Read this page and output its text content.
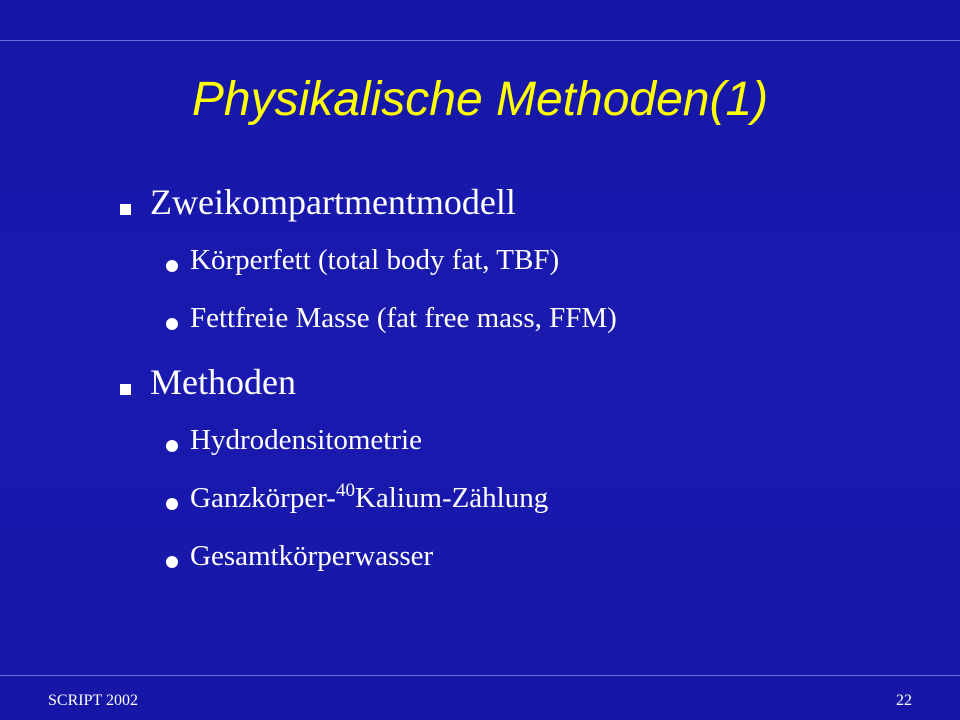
Physikalische Methoden(1)
Zweikompartmentmodell
Körperfett (total body fat, TBF)
Fettfreie Masse (fat free mass, FFM)
Methoden
Hydrodensitometrie
Ganzkörper-$^{40}$Kalium-Zählung
Gesamtkörperwasser
SCRIPT 2002	22
